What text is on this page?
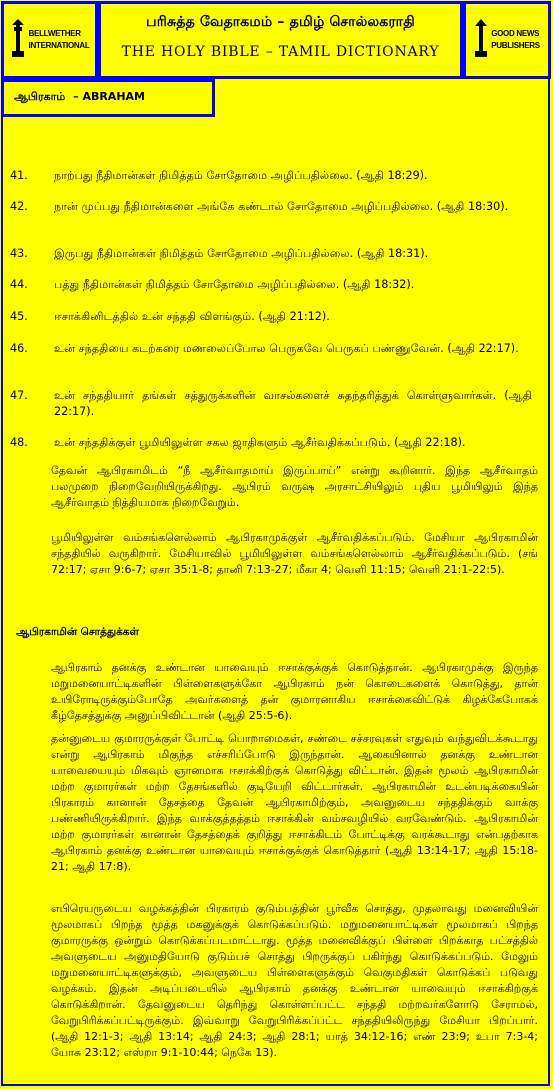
BELLWETHER
INTERNATIONAL
பரிசுத்த வேதாகமம் – தமிழ் சொல்லகராதி
THE HOLY BIBLE – TAMIL DICTIONARY
GOOD NEWS
PUBLISHERS
ஆபிரகாம் – ABRAHAM
41. நாற்பது நீதிமான்கள் நிமித்தம் சோதோமை அழிப்பதில்லை. (ஆதி 18:29).
42. நான் முப்பது நீதிமான்களை அங்கே கண்டால் சோதோமை அழிப்பதில்லை. (ஆதி 18:30).
43. இருபது நீதிமான்கள் நிமித்தம் சோதோமை அழிப்பதில்லை. (ஆதி 18:31).
44. பத்து நீதிமான்கள் நிமித்தம் சோதோமை அழிப்பதில்லை. (ஆதி 18:32).
45. ஈசாக்கினிடத்தில் உன் சந்ததி விளங்கும். (ஆதி 21:12).
46. உன் சந்ததியை கடற்கரை மணலைப்போல பெருகவே பெருகப் பண்ணுவேன். (ஆதி 22:17).
47. உன் சந்ததியார் தங்கள் சத்துருக்களின் வாசல்களைச் சுதந்தரித்துக் கொள்ளுவார்கள். (ஆதி 22:17).
48. உன் சந்ததிக்குள் பூமியிலுள்ள சகல ஜாதிகளும் ஆசீர்வதிக்கப்படும். (ஆதி 22:18).
தேவன் ஆபிரகாமிடம் “நீ ஆசீர்வாதமாய் இருப்பாய்” என்று கூறினார். இந்த ஆசீர்வாதம் பலமுறை நிறைவேறியிருக்கிறது. ஆபிரம் வருஷ அரசாட்சியிலும் புதிய பூமியிலும் இந்த ஆசீர்வாதம் நித்தியமாக நிறைவேறும்.
பூமியிலுள்ள வம்சங்களெல்லாம் ஆபிரகாமுக்குள் ஆசீர்வதிக்கப்படும். மேசியா ஆபிரகாமின் சந்ததியில் வருகிறார். மேசியாவில் பூமியிலுள்ள வம்சங்களெல்லாம் ஆசீர்வதிக்கப்படும். (சங் 72:17; ஏசா 9:6-7; ஏசா 35:1-8; தானி 7:13-27; மீகா 4; வெளி 11:15; வெளி 21:1-22:5).
ஆபிரகாமின் சொத்துக்கள்
ஆபிரகாம் தனக்கு உண்டான யாவையும் ஈசாக்குக்குக் கொடுத்தான். ஆபிரகாமுக்கு இருந்த மறுமனையாட்டிகளின் பிள்ளைகளுக்கோ ஆபிரகாம் நன் கொடைகளைக் கொடுத்து, தான் உயிரோடிருக்கும்போதே அவர்களைத் தன் குமாரனாகிய ஈசாக்கைவிட்டுக் கிழக்கேபோகக் கீழ்தேசத்துக்கு அனுப்பிவிட்டான் (ஆதி 25:5-6).
தன்னுடைய குமாரருக்குள் போட்டி பொறாமைகள், சண்டை சச்சரவுகள் எதுவும் வந்துவிடக்கூடாது என்று ஆபிரகாம் மிகுந்த எச்சரிப்போடு இருந்தான். ஆகையினால் தனக்கு உண்டான யாவையையும் மிகவும் ஞானமாக ஈசாக்கிற்குக் கொடுத்து விட்டான். இதன் மூலம் ஆபிரகாமின் மற்ற குமாரர்கள் மற்ற தேசங்களில் குடியேறி விட்டார்கள். ஆபிரகாமின் உடன்படிக்கையின் பிரகாரம் கானான் தேசத்தை தேவன் ஆபிரகாமிற்கும், அவனுடைய சந்ததிக்கும் வாக்கு பண்ணியிருக்கிறார். இந்த வாக்குத்தத்தம் ஈசாக்கின் வம்சவழியில் வரவேண்டும். ஆபிரகாமின் மற்ற குமாரர்கள் கானான் தேசத்தைக் குறித்து ஈசாக்கிடம் போட்டிக்கு வரக்கூடாது என்பதற்காக ஆபிரகாம் தனக்கு உண்டான யாவையும் ஈசாக்குக்குக் கொடுத்தார் (ஆதி 13:14-17; ஆதி 15:18-21; ஆதி 17:8).
எபிரெயருடைய வழக்கத்தின் பிரகாரம் குடும்பத்தின் பூர்வீக சொத்து, முதலாவது மனைவியின் மூலமாகப் பிறந்த மூத்த மகனுக்குக் கொடுக்கப்படும். மறுமனையாட்டிகள் மூலமாகப் பிறந்த குமாரருக்கு ஒன்றும் கொடுக்கப்படமாட்டாது. மூத்த மனைவிக்குப் பிள்ளை பிறக்காத பட்சத்தில் அவளுடைய அனுமதியோடு குடும்பச் சொத்து பிறருக்குப் பகிர்ந்து கொடுக்கப்படும். மேலும் மறுமனையாட்டிகளுக்கும், அவளுடைய பிள்ளைகளுக்கும் வெகுமதிகள் கொடுக்கப் படுவது வழக்கம். இதன் அடிப்படையில் ஆபிரகாம் தனக்கு உண்டான யாவையும் ஈசாக்கிற்குக் கொடுக்கிறான். தேவனுடைய தெரிந்து கொள்ளப்பட்ட சந்ததி மற்றவர்களோடு சேராமல், வேறுபிரிக்கப்பட்டிருக்கும். இவ்வாறு வேறுபிரிக்கப்பட்ட சந்ததியிலிருந்து மேசியா பிறப்பார். (ஆதி 12:1-3; ஆதி 13:14; ஆதி 24:3; ஆதி 28:1; யாத் 34:12-16; எண் 23:9; உபா 7:3-4; யோசு 23:12; எஸ்றா 9:1-10:44; நெகே 13).
